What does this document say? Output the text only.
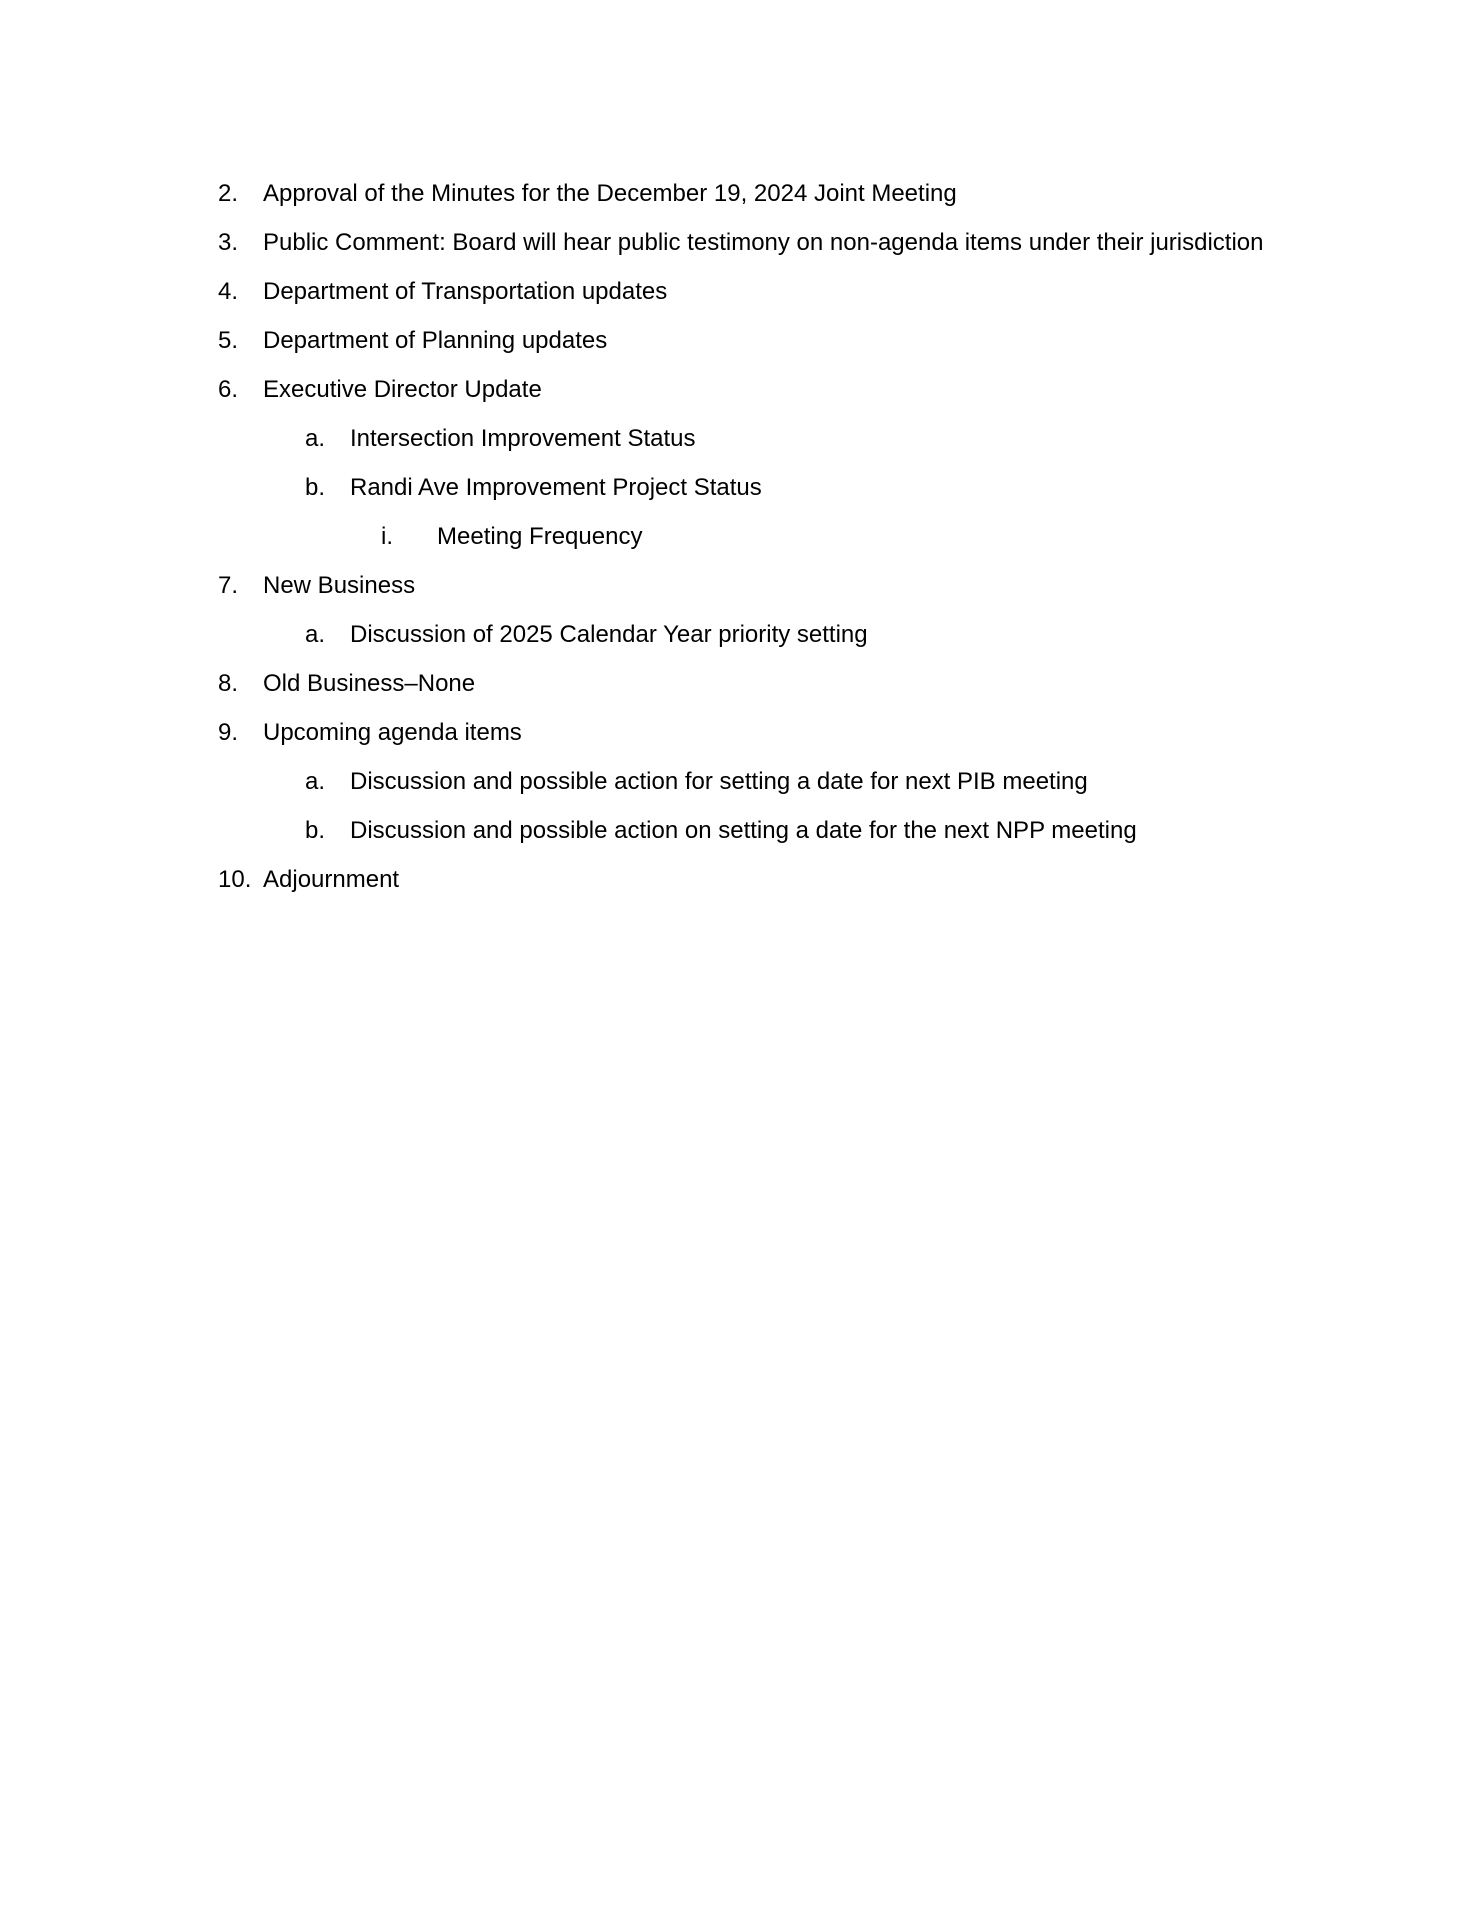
2. Approval of the Minutes for the December 19, 2024 Joint Meeting
3. Public Comment: Board will hear public testimony on non-agenda items under their jurisdiction
4. Department of Transportation updates
5. Department of Planning updates
6. Executive Director Update
a. Intersection Improvement Status
b. Randi Ave Improvement Project Status
i. Meeting Frequency
7. New Business
a. Discussion of 2025 Calendar Year priority setting
8. Old Business–None
9. Upcoming agenda items
a. Discussion and possible action for setting a date for next PIB meeting
b. Discussion and possible action on setting a date for the next NPP meeting
10. Adjournment
